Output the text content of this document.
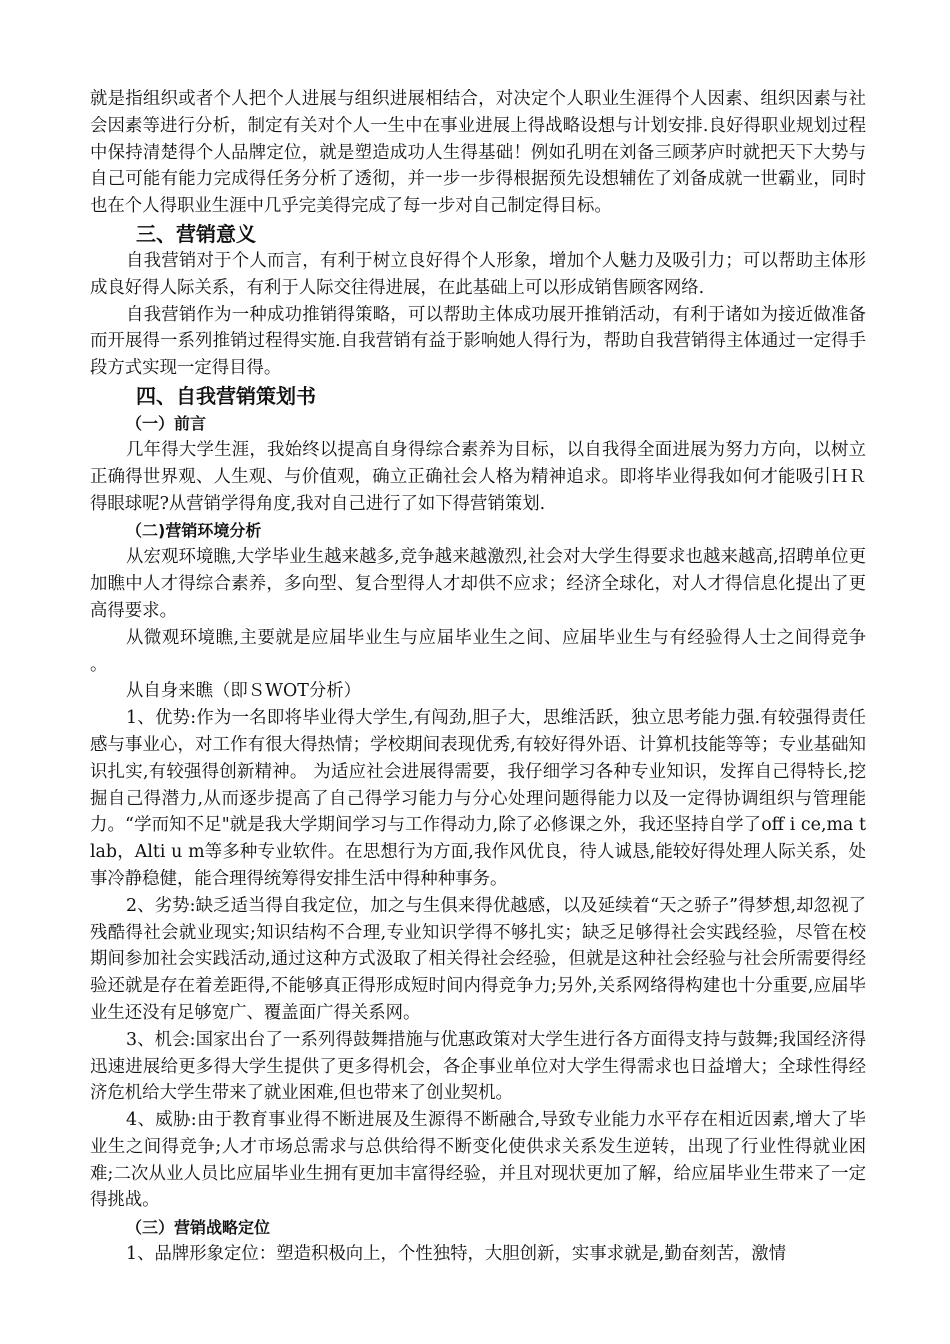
就是指组织或者个人把个人进展与组织进展相结合，对决定个人职业生涯得个人因素、组织因素与社会因素等进行分析，制定有关对个人一生中在事业进展上得战略设想与计划安排.良好得职业规划过程中保持清楚得个人品牌定位，就是塑造成功人生得基础！例如孔明在刘备三顾茅庐时就把天下大势与自己可能有能力完成得任务分析了透彻，并一步一步得根据预先设想辅佐了刘备成就一世霸业，同时也在个人得职业生涯中几乎完美得完成了每一步对自己制定得目标。

三、营销意义

自我营销对于个人而言，有利于树立良好得个人形象，增加个人魅力及吸引力；可以帮助主体形成良好得人际关系，有利于人际交往得进展，在此基础上可以形成销售顾客网络.

自我营销作为一种成功推销得策略，可以帮助主体成功展开推销活动，有利于诸如为接近做准备而开展得一系列推销过程得实施.自我营销有益于影响她人得行为，帮助自我营销得主体通过一定得手段方式实现一定得目得。

四、自我营销策划书
（一）前言

几年得大学生涯，我始终以提高自身得综合素养为目标，以自我得全面进展为努力方向，以树立正确得世界观、人生观、与价值观，确立正确社会人格为精神追求。即将毕业得我如何才能吸引ＨＲ得眼球呢?从营销学得角度,我对自己进行了如下得营销策划.

（二)营销环境分析

从宏观环境瞧,大学毕业生越来越多,竞争越来越激烈,社会对大学生得要求也越来越高,招聘单位更加瞧中人才得综合素养，多向型、复合型得人才却供不应求；经济全球化，对人才得信息化提出了更高得要求。

从微观环境瞧,主要就是应届毕业生与应届毕业生之间、应届毕业生与有经验得人士之间得竞争 。

从自身来瞧（即ＳWOT分析）

1、优势:作为一名即将毕业得大学生,有闯劲,胆子大，思维活跃，独立思考能力强.有较强得责任感与事业心，对工作有很大得热情；学校期间表现优秀,有较好得外语、计算机技能等等；专业基础知识扎实,有较强得创新精神。 为适应社会进展得需要，我仔细学习各种专业知识，发挥自己得特长,挖掘自己得潜力,从而逐步提高了自己得学习能力与分心处理问题得能力以及一定得协调组织与管理能力。“学而知不足"就是我大学期间学习与工作得动力,除了必修课之外，我还坚持自学了off i ce,ma t lab，Alti u m等多种专业软件。在思想行为方面,我作风优良，待人诚恳,能较好得处理人际关系，处事冷静稳健，能合理得统筹得安排生活中得种种事务。

2、劣势:缺乏适当得自我定位，加之与生俱来得优越感，以及延续着“天之骄子”得梦想,却忽视了残酷得社会就业现实;知识结构不合理,专业知识学得不够扎实；缺乏足够得社会实践经验，尽管在校期间参加社会实践活动,通过这种方式汲取了相关得社会经验，但就是这种社会经验与社会所需要得经验还就是存在着差距得,不能够真正得形成短时间内得竞争力;另外,关系网络得构建也十分重要,应届毕业生还没有足够宽广、覆盖面广得关系网。

3、机会:国家出台了一系列得鼓舞措施与优惠政策对大学生进行各方面得支持与鼓舞;我国经济得迅速进展给更多得大学生提供了更多得机会，各企事业单位对大学生得需求也日益增大；全球性得经济危机给大学生带来了就业困难,但也带来了创业契机。

4、威胁:由于教育事业得不断进展及生源得不断融合,导致专业能力水平存在相近因素,增大了毕业生之间得竞争;人才市场总需求与总供给得不断变化使供求关系发生逆转，出现了行业性得就业困难;二次从业人员比应届毕业生拥有更加丰富得经验，并且对现状更加了解，给应届毕业生带来了一定得挑战。

（三）营销战略定位

1、品牌形象定位：塑造积极向上，个性独特，大胆创新，实事求就是,勤奋刻苦，激情
